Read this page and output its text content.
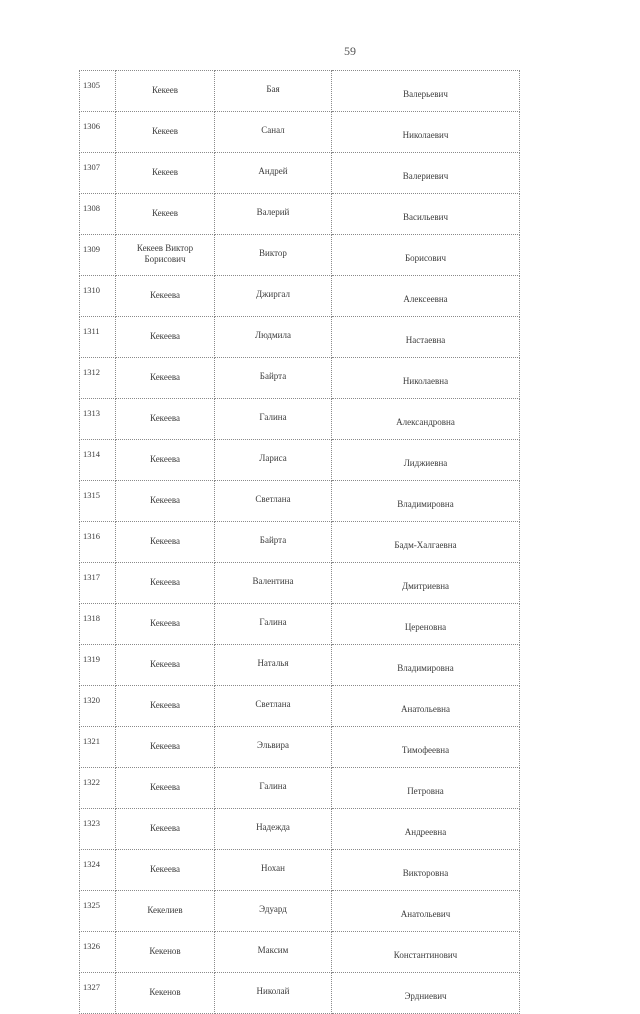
59
1305	Кекеев	Бая	Валерьевич
1306	Кекеев	Санал	Николаевич
1307	Кекеев	Андрей	Валериевич
1308	Кекеев	Валерий	Васильевич
1309	Кекеев Виктор Борисович	Виктор	Борисович
1310	Кекеева	Джиргал	Алексеевна
1311	Кекеева	Людмила	Настаевна
1312	Кекеева	Байрта	Николаевна
1313	Кекеева	Галина	Александровна
1314	Кекеева	Лариса	Лиджиевна
1315	Кекеева	Светлана	Владимировна
1316	Кекеева	Байрта	Бадм-Халгаевна
1317	Кекеева	Валентина	Дмитриевна
1318	Кекеева	Галина	Цереновна
1319	Кекеева	Наталья	Владимировна
1320	Кекеева	Светлана	Анатольевна
1321	Кекеева	Эльвира	Тимофеевна
1322	Кекеева	Галина	Петровна
1323	Кекеева	Надежда	Андреевна
1324	Кекеева	Нохан	Викторовна
1325	Кекелиев	Эдуард	Анатольевич
1326	Кекенов	Максим	Константинович
1327	Кекенов	Николай	Эрдниевич
